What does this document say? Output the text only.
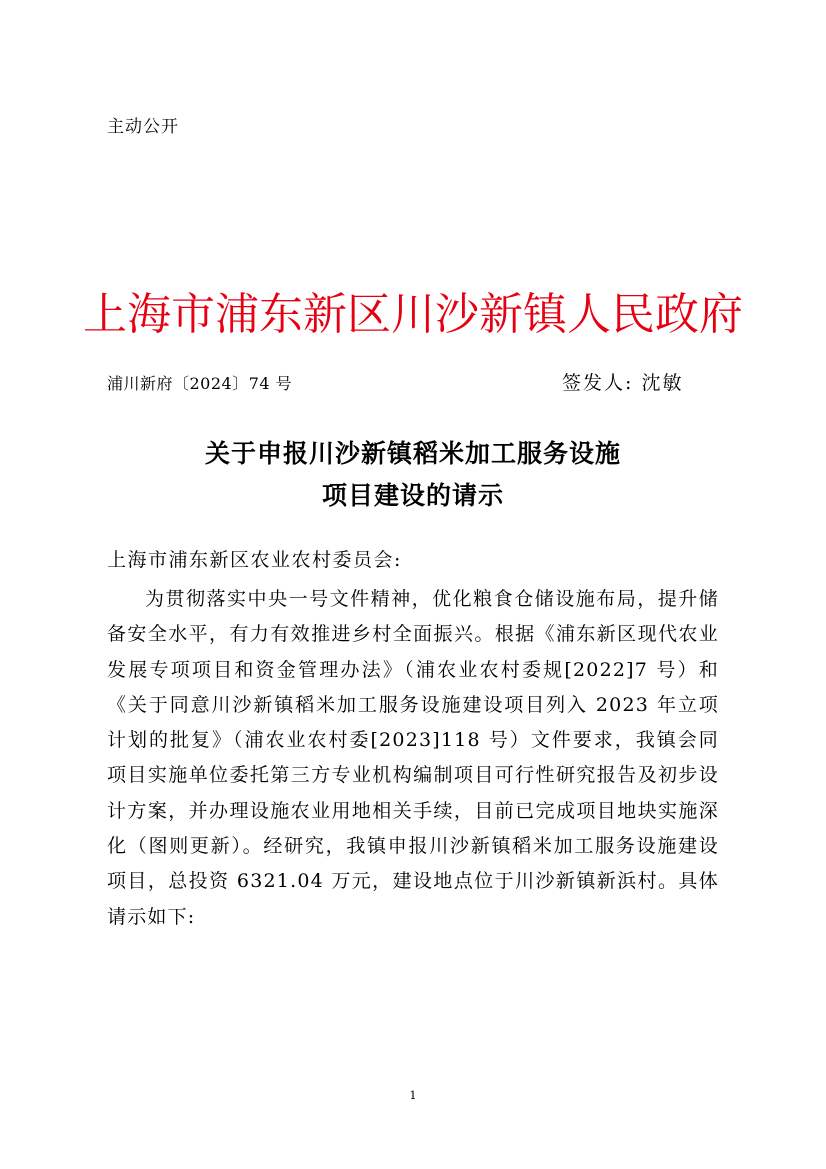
主动公开
上海市浦东新区川沙新镇人民政府
浦川新府〔2024〕74 号	签发人: 沈敏
关于申报川沙新镇稻米加工服务设施
项目建设的请示
上海市浦东新区农业农村委员会:
为贯彻落实中央一号文件精神，优化粮食仓储设施布局，提升储备安全水平，有力有效推进乡村全面振兴。根据《浦东新区现代农业发展专项项目和资金管理办法》（浦农业农村委规[2022]7 号）和《关于同意川沙新镇稻米加工服务设施建设项目列入 2023 年立项计划的批复》（浦农业农村委[2023]118 号）文件要求，我镇会同项目实施单位委托第三方专业机构编制项目可行性研究报告及初步设计方案，并办理设施农业用地相关手续，目前已完成项目地块实施深化（图则更新）。经研究，我镇申报川沙新镇稻米加工服务设施建设项目，总投资 6321.04 万元，建设地点位于川沙新镇新浜村。具体请示如下:
1
